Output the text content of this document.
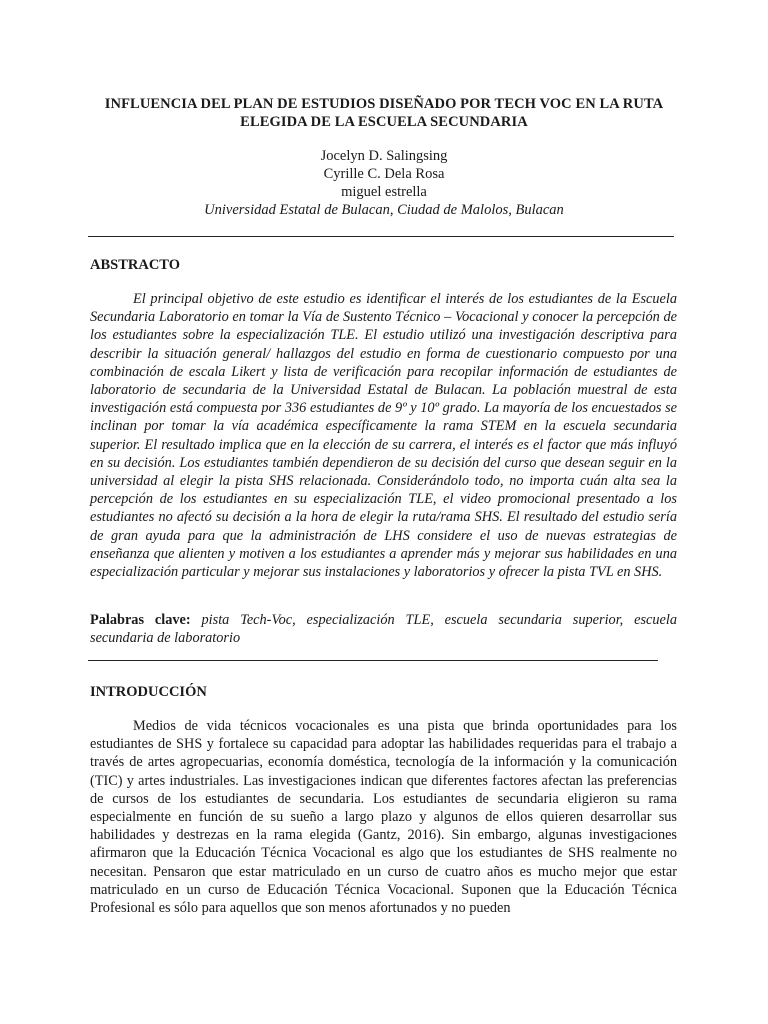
INFLUENCIA DEL PLAN DE ESTUDIOS DISEÑADO POR TECH VOC EN LA RUTA ELEGIDA DE LA ESCUELA SECUNDARIA
Jocelyn D. Salingsing
Cyrille C. Dela Rosa
miguel estrella
Universidad Estatal de Bulacan, Ciudad de Malolos, Bulacan
ABSTRACTO

El principal objetivo de este estudio es identificar el interés de los estudiantes de la Escuela Secundaria Laboratorio en tomar la Vía de Sustento Técnico – Vocacional y conocer la percepción de los estudiantes sobre la especialización TLE. El estudio utilizó una investigación descriptiva para describir la situación general/ hallazgos del estudio en forma de cuestionario compuesto por una combinación de escala Likert y lista de verificación para recopilar información de estudiantes de laboratorio de secundaria de la Universidad Estatal de Bulacan. La población muestral de esta investigación está compuesta por 336 estudiantes de 9º y 10º grado. La mayoría de los encuestados se inclinan por tomar la vía académica específicamente la rama STEM en la escuela secundaria superior. El resultado implica que en la elección de su carrera, el interés es el factor que más influyó en su decisión. Los estudiantes también dependieron de su decisión del curso que desean seguir en la universidad al elegir la pista SHS relacionada. Considerándolo todo, no importa cuán alta sea la percepción de los estudiantes en su especialización TLE, el video promocional presentado a los estudiantes no afectó su decisión a la hora de elegir la ruta/rama SHS. El resultado del estudio sería de gran ayuda para que la administración de LHS considere el uso de nuevas estrategias de enseñanza que alienten y motiven a los estudiantes a aprender más y mejorar sus habilidades en una especialización particular y mejorar sus instalaciones y laboratorios y ofrecer la pista TVL en SHS.

Palabras clave: pista Tech-Voc, especialización TLE, escuela secundaria superior, escuela secundaria de laboratorio

INTRODUCCIÓN

Medios de vida técnicos vocacionales es una pista que brinda oportunidades para los estudiantes de SHS y fortalece su capacidad para adoptar las habilidades requeridas para el trabajo a través de artes agropecuarias, economía doméstica, tecnología de la información y la comunicación (TIC) y artes industriales. Las investigaciones indican que diferentes factores afectan las preferencias de cursos de los estudiantes de secundaria. Los estudiantes de secundaria eligieron su rama especialmente en función de su sueño a largo plazo y algunos de ellos quieren desarrollar sus habilidades y destrezas en la rama elegida (Gantz, 2016). Sin embargo, algunas investigaciones afirmaron que la Educación Técnica Vocacional es algo que los estudiantes de SHS realmente no necesitan. Pensaron que estar matriculado en un curso de cuatro años es mucho mejor que estar matriculado en un curso de Educación Técnica Vocacional. Suponen que la Educación Técnica Profesional es sólo para aquellos que son menos afortunados y no pueden
